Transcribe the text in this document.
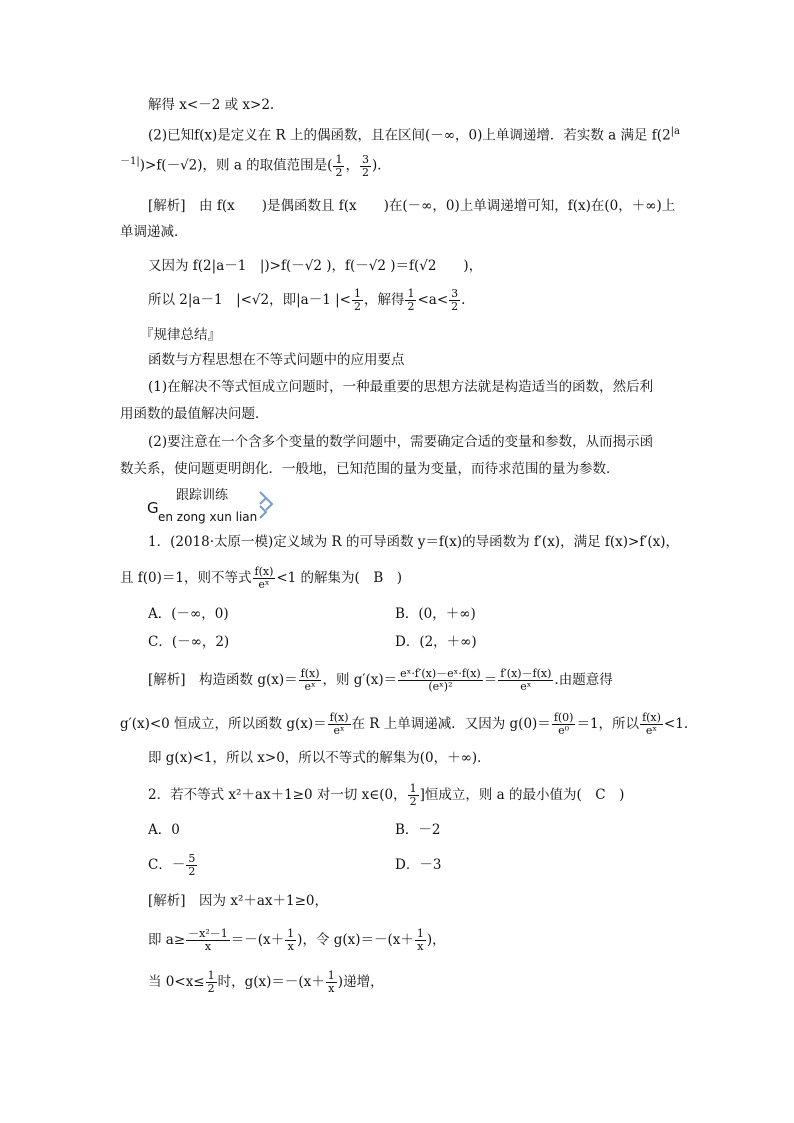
解得 x<－2 或 x>2.
(2)已知f(x)是定义在 R 上的偶函数，且在区间(－∞，0)上单调递增．若实数 a 满足 $f(2^{|a}$
$^{-1|}$)>f(－√2)，则 a 的取值范围是( $\frac{1}{2}$ ， $\frac{3}{2}$ )．
[解析]　由 f(x　　)是偶函数且 f(x　　)在(－∞，0)上单调递增可知，f(x)在(0，＋∞)上
单调递减．
又因为 f(2|a－1　|)>f(－√2 )，f(－√2 )＝f(√2　　)，
所以 2|a－1　|<√2，即|a－1 |< $\frac{1}{2}$ ，解得 $\frac{1}{2} <a< \frac{3}{2}$ .
『规律总结』
函数与方程思想在不等式问题中的应用要点
(1)在解决不等式恒成立问题时，一种最重要的思想方法就是构造适当的函数，然后利
用函数的最值解决问题．
(2)要注意在一个含多个变量的数学问题中，需要确定合适的变量和参数，从而揭示函
数关系，使问题更明朗化．一般地，已知范围的量为变量，而待求范围的量为参数．
跟踪训练
G en zong xun lian
1．(2018·太原一模)定义域为 R 的可导函数 y＝f(x)的导函数为 f′(x)，满足 f(x)>f′(x)，
且 f(0)＝1，则不等式 $\frac{f(x)}{\text{eˣ}} <1$ 的解集为(　B　)
A．(－∞，0)	B．(0，＋∞)
C．(－∞，2)	D．(2，＋∞)
[解析]　构造函数 $g(x)= \frac{f(x)}{\text{eˣ}}$ ，则 $g'(x)= \frac{\text{eˣ·f′(x)－eˣ·f(x)}}{\text{(eˣ)²}} = \frac{f'(x)-f(x)}{\text{eˣ}}$ .由题意得
g′(x)<0 恒成立，所以函数 $g(x)= \frac{f(x)}{\text{eˣ}}$ 在 R 上单调递减．又因为 $g(0)= \frac{f(0)}{\text{e⁰}} =1$，所以 $\frac{f(x)}{\text{eˣ}} <1$.
即 g(x)<1，所以 x>0，所以不等式的解集为(0，＋∞)．
2．若不等式 x²＋ax＋1≥0 对一切 x∈(0， $\frac{1}{2}$ ]恒成立，则 a 的最小值为(　C　)
A．0	B．－2
C．－ $\frac{5}{2}$	D．－3
[解析]　因为 x²＋ax＋1≥0，
即 $a\ge \frac{\text{－x²－1}}{x} =-(x+ \frac{1}{x}$ )，令 $g(x)=-(x+ \frac{1}{x}$ )，
当 $0<x\le \frac{1}{2}$ 时，$g(x)=-(x+ \frac{1}{x}$ )递增，
